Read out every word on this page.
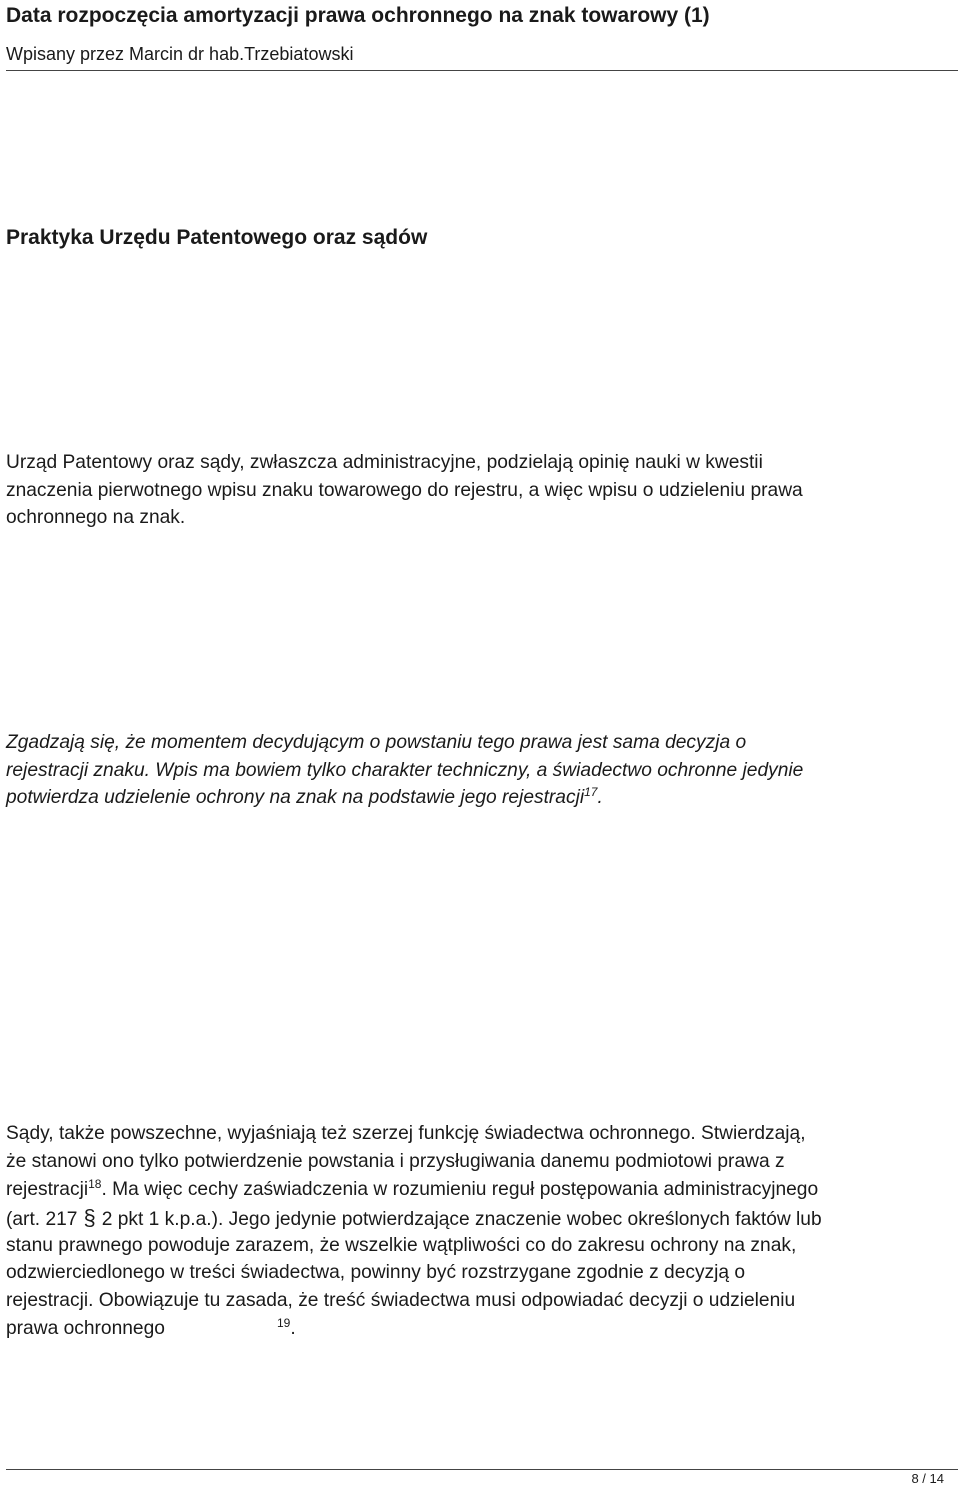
Data rozpoczęcia amortyzacji prawa ochronnego na znak towarowy (1)
Wpisany przez Marcin dr hab.Trzebiatowski
Praktyka Urzędu Patentowego oraz sądów

Urząd Patentowy oraz sądy, zwłaszcza administracyjne, podzielają opinię nauki w kwestii
znaczenia pierwotnego wpisu znaku towarowego do rejestru, a więc wpisu o udzieleniu prawa
ochronnego na znak.

Zgadzają się, że momentem decydującym o powstaniu tego prawa jest sama decyzja o
rejestracji znaku. Wpis ma bowiem tylko charakter techniczny, a świadectwo ochronne jedynie
potwierdza udzielenie ochrony na znak na podstawie jego rejestracji$^{17}$.

Sądy, także powszechne, wyjaśniają też szerzej funkcję świadectwa ochronnego. Stwierdzają,
że stanowi ono tylko potwierdzenie powstania i przysługiwania danemu podmiotowi prawa z
rejestracji$^{18}$. Ma więc cechy zaświadczenia w rozumieniu reguł postępowania administracyjnego
(art. 217 § 2 pkt 1 k.p.a.). Jego jedynie potwierdzające znaczenie wobec określonych faktów lub
stanu prawnego powoduje zarazem, że wszelkie wątpliwości co do zakresu ochrony na znak,
odzwierciedlonego w treści świadectwa, powinny być rozstrzygane zgodnie z decyzją o
rejestracji. Obowiązuje tu zasada, że treść świadectwa musi odpowiadać decyzji o udzieleniu
prawa ochronnego	$^{19}$.

8 / 14
